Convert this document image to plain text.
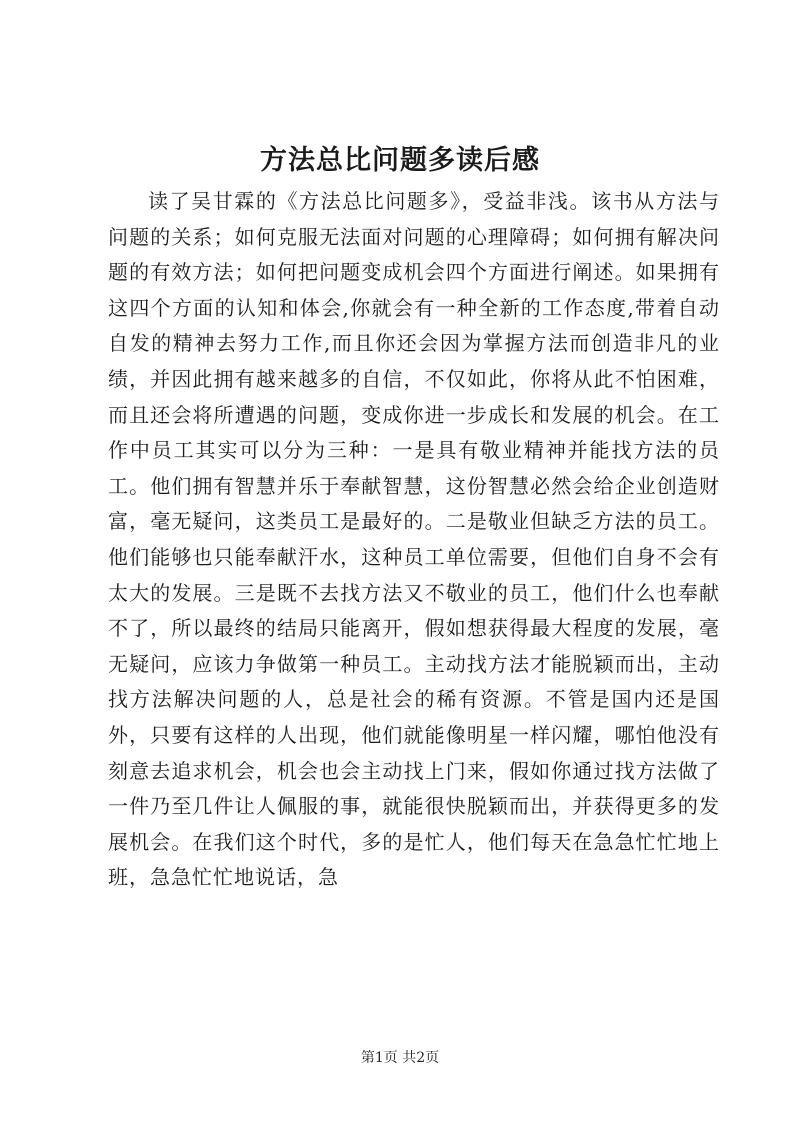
方法总比问题多读后感

读了吴甘霖的《方法总比问题多》，受益非浅。该书从方法与问题的关系；如何克服无法面对问题的心理障碍；如何拥有解决问题的有效方法；如何把问题变成机会四个方面进行阐述。如果拥有这四个方面的认知和体会,你就会有一种全新的工作态度,带着自动自发的精神去努力工作,而且你还会因为掌握方法而创造非凡的业绩，并因此拥有越来越多的自信，不仅如此，你将从此不怕困难，而且还会将所遭遇的问题，变成你进一步成长和发展的机会。在工作中员工其实可以分为三种：一是具有敬业精神并能找方法的员工。他们拥有智慧并乐于奉献智慧，这份智慧必然会给企业创造财富，毫无疑问，这类员工是最好的。二是敬业但缺乏方法的员工。他们能够也只能奉献汗水，这种员工单位需要，但他们自身不会有太大的发展。三是既不去找方法又不敬业的员工，他们什么也奉献不了，所以最终的结局只能离开，假如想获得最大程度的发展，毫无疑问，应该力争做第一种员工。主动找方法才能脱颖而出，主动找方法解决问题的人，总是社会的稀有资源。不管是国内还是国外，只要有这样的人出现，他们就能像明星一样闪耀，哪怕他没有刻意去追求机会，机会也会主动找上门来，假如你通过找方法做了一件乃至几件让人佩服的事，就能很快脱颖而出，并获得更多的发展机会。在我们这个时代，多的是忙人，他们每天在急急忙忙地上班，急急忙忙地说话，急

第1页 共2页
